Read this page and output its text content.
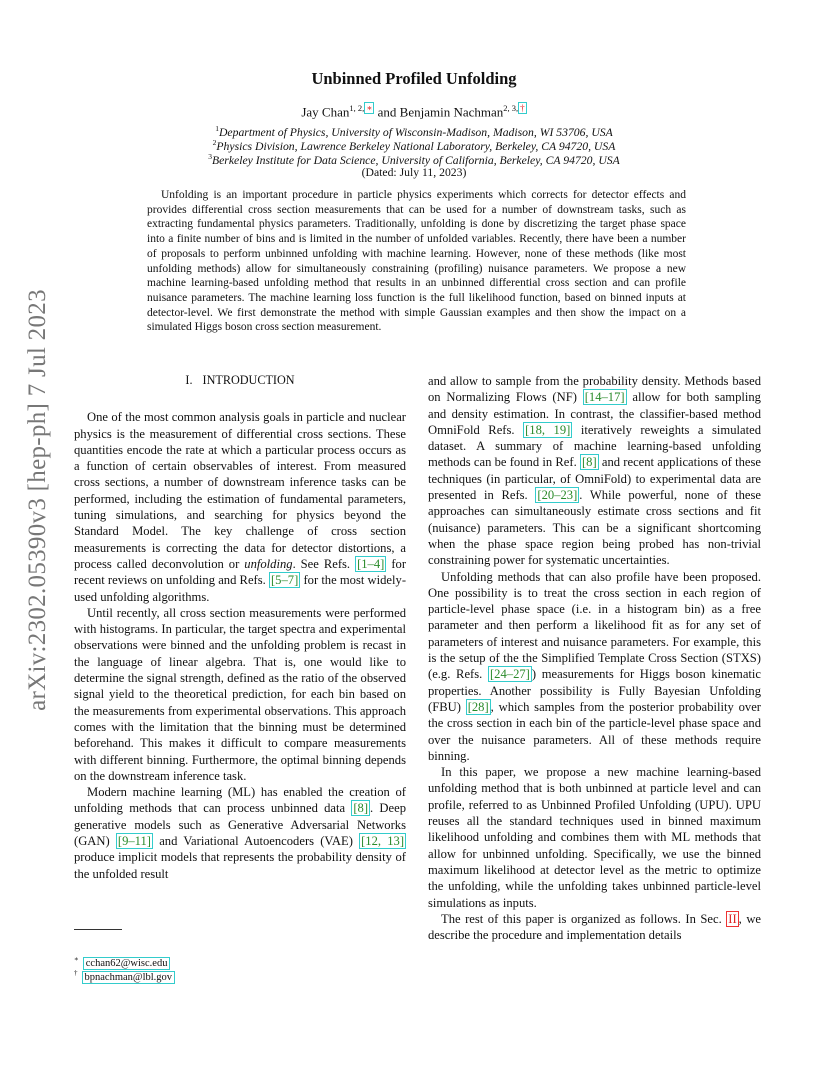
arXiv:2302.05390v3 [hep-ph] 7 Jul 2023
Unbinned Profiled Unfolding
Jay Chan$^{1, 2,}$ ∗ and Benjamin Nachman$^{2, 3,}$ †
$^1$Department of Physics, University of Wisconsin-Madison, Madison, WI 53706, USA
$^2$Physics Division, Lawrence Berkeley National Laboratory, Berkeley, CA 94720, USA
$^3$Berkeley Institute for Data Science, University of California, Berkeley, CA 94720, USA
(Dated: July 11, 2023)
Unfolding is an important procedure in particle physics experiments which corrects for detector effects and provides differential cross section measurements that can be used for a number of downstream tasks, such as extracting fundamental physics parameters. Traditionally, unfolding is done by discretizing the target phase space into a finite number of bins and is limited in the number of unfolded variables. Recently, there have been a number of proposals to perform unbinned unfolding with machine learning. However, none of these methods (like most unfolding methods) allow for simultaneously constraining (profiling) nuisance parameters. We propose a new machine learning-based unfolding method that results in an unbinned differential cross section and can profile nuisance parameters. The machine learning loss function is the full likelihood function, based on binned inputs at detector-level. We first demonstrate the method with simple Gaussian examples and then show the impact on a simulated Higgs boson cross section measurement.
I. INTRODUCTION

One of the most common analysis goals in particle and nuclear physics is the measurement of differential cross sections. These quantities encode the rate at which a particular process occurs as a function of certain observables of interest. From measured cross sections, a number of downstream inference tasks can be performed, including the estimation of fundamental parameters, tuning simulations, and searching for physics beyond the Standard Model. The key challenge of cross section measurements is correcting the data for detector distortions, a process called deconvolution or unfolding. See Refs. [1–4] for recent reviews on unfolding and Refs. [5–7] for the most widely-used unfolding algorithms.

Until recently, all cross section measurements were performed with histograms. In particular, the target spectra and experimental observations were binned and the unfolding problem is recast in the language of linear algebra. That is, one would like to determine the signal strength, defined as the ratio of the observed signal yield to the theoretical prediction, for each bin based on the measurements from experimental observations. This approach comes with the limitation that the binning must be determined beforehand. This makes it difficult to compare measurements with different binning. Furthermore, the optimal binning depends on the downstream inference task.

Modern machine learning (ML) has enabled the creation of unfolding methods that can process unbinned data [8] . Deep generative models such as Generative Adversarial Networks (GAN) [9–11] and Variational Autoencoders (VAE) [12, 13] produce implicit models that represents the probability density of the unfolded result

and allow to sample from the probability density. Methods based on Normalizing Flows (NF) [14–17] allow for both sampling and density estimation. In contrast, the classifier-based method OmniFold Refs. [18, 19] iteratively reweights a simulated dataset. A summary of machine learning-based unfolding methods can be found in Ref. [8] and recent applications of these techniques (in particular, of OmniFold) to experimental data are presented in Refs. [20–23] . While powerful, none of these approaches can simultaneously estimate cross sections and fit (nuisance) parameters. This can be a significant shortcoming when the phase space region being probed has non-trivial constraining power for systematic uncertainties.

Unfolding methods that can also profile have been proposed. One possibility is to treat the cross section in each region of particle-level phase space (i.e. in a histogram bin) as a free parameter and then perform a likelihood fit as for any set of parameters of interest and nuisance parameters. For example, this is the setup of the the Simplified Template Cross Section (STXS) (e.g. Refs. [24–27] ) measurements for Higgs boson kinematic properties. Another possibility is Fully Bayesian Unfolding (FBU) [28] , which samples from the posterior probability over the cross section in each bin of the particle-level phase space and over the nuisance parameters. All of these methods require binning.

In this paper, we propose a new machine learning-based unfolding method that is both unbinned at particle level and can profile, referred to as Unbinned Profiled Unfolding (UPU). UPU reuses all the standard techniques used in binned maximum likelihood unfolding and combines them with ML methods that allow for unbinned unfolding. Specifically, we use the binned maximum likelihood at detector level as the metric to optimize the unfolding, while the unfolding takes unbinned particle-level simulations as inputs.

The rest of this paper is organized as follows. In Sec. II , we describe the procedure and implementation details

∗ cchan62@wisc.edu
† bpnachman@lbl.gov
